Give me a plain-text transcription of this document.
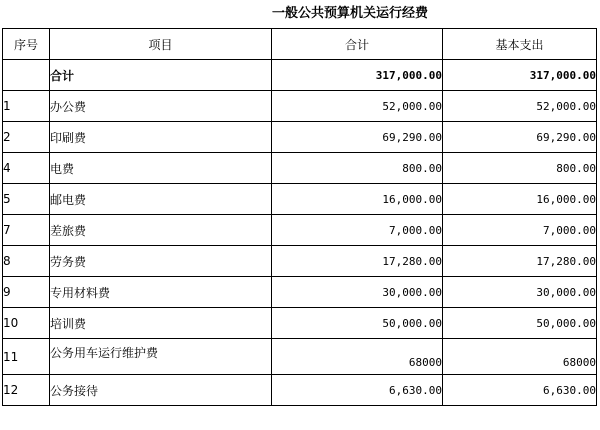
一般公共预算机关运行经费
序号	项目	合计	基本支出
	合计	317,000.00	317,000.00
1	办公费	52,000.00	52,000.00
2	印刷费	69,290.00	69,290.00
4	电费	800.00	800.00
5	邮电费	16,000.00	16,000.00
7	差旅费	7,000.00	7,000.00
8	劳务费	17,280.00	17,280.00
9	专用材料费	30,000.00	30,000.00
10	培训费	50,000.00	50,000.00
11	公务用车运行维护费	68000	68000
12	公务接待	6,630.00	6,630.00
